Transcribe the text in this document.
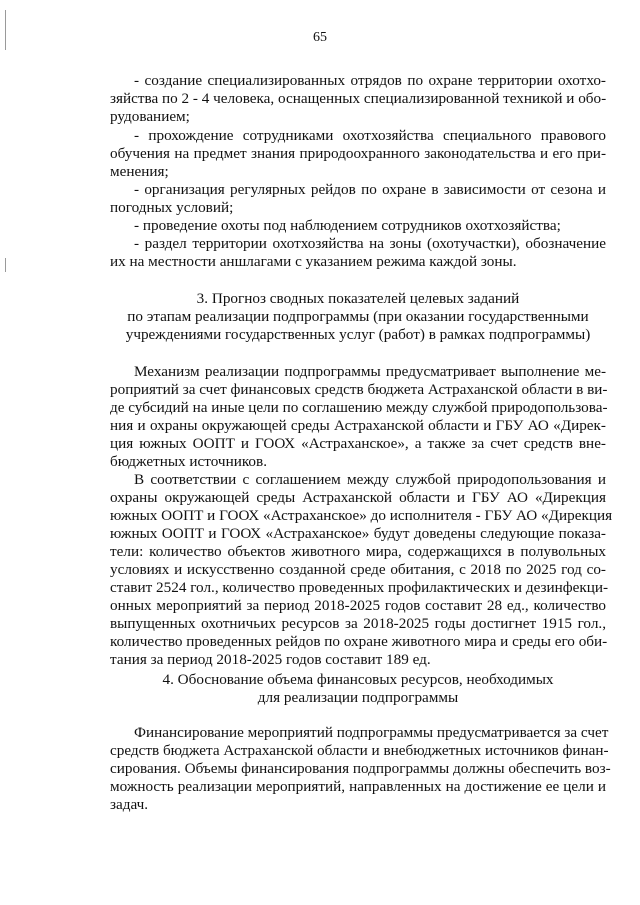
65
- создание специализированных отрядов по охране территории охотхо-
зяйства по 2 - 4 человека, оснащенных специализированной техникой и обо-
рудованием;
- прохождение сотрудниками охотхозяйства специального правового
обучения на предмет знания природоохранного законодательства и его при-
менения;
- организация регулярных рейдов по охране в зависимости от сезона и
погодных условий;
- проведение охоты под наблюдением сотрудников охотхозяйства;
- раздел территории охотхозяйства на зоны (охотучастки), обозначение
их на местности аншлагами с указанием режима каждой зоны.
3. Прогноз сводных показателей целевых заданий
по этапам реализации подпрограммы (при оказании государственными
учреждениями государственных услуг (работ) в рамках подпрограммы)
Механизм реализации подпрограммы предусматривает выполнение ме-
роприятий за счет финансовых средств бюджета Астраханской области в ви-
де субсидий на иные цели по соглашению между службой природопользова-
ния и охраны окружающей среды Астраханской области и ГБУ АО «Дирек-
ция южных ООПТ и ГООХ «Астраханское», а также за счет средств вне-
бюджетных источников.
В соответствии с соглашением между службой природопользования и
охраны окружающей среды Астраханской области и ГБУ АО «Дирекция
южных ООПТ и ГООХ «Астраханское» до исполнителя - ГБУ АО «Дирекция
южных ООПТ и ГООХ «Астраханское» будут доведены следующие показа-
тели: количество объектов животного мира, содержащихся в полувольных
условиях и искусственно созданной среде обитания, с 2018 по 2025 год со-
ставит 2524 гол., количество проведенных профилактических и дезинфекци-
онных мероприятий за период 2018-2025 годов составит 28 ед., количество
выпущенных охотничьих ресурсов за 2018-2025 годы достигнет 1915 гол.,
количество проведенных рейдов по охране животного мира и среды его оби-
тания за период 2018-2025 годов составит 189 ед.
4. Обоснование объема финансовых ресурсов, необходимых
для реализации подпрограммы
Финансирование мероприятий подпрограммы предусматривается за счет
средств бюджета Астраханской области и внебюджетных источников финан-
сирования. Объемы финансирования подпрограммы должны обеспечить воз-
можность реализации мероприятий, направленных на достижение ее цели и
задач.
